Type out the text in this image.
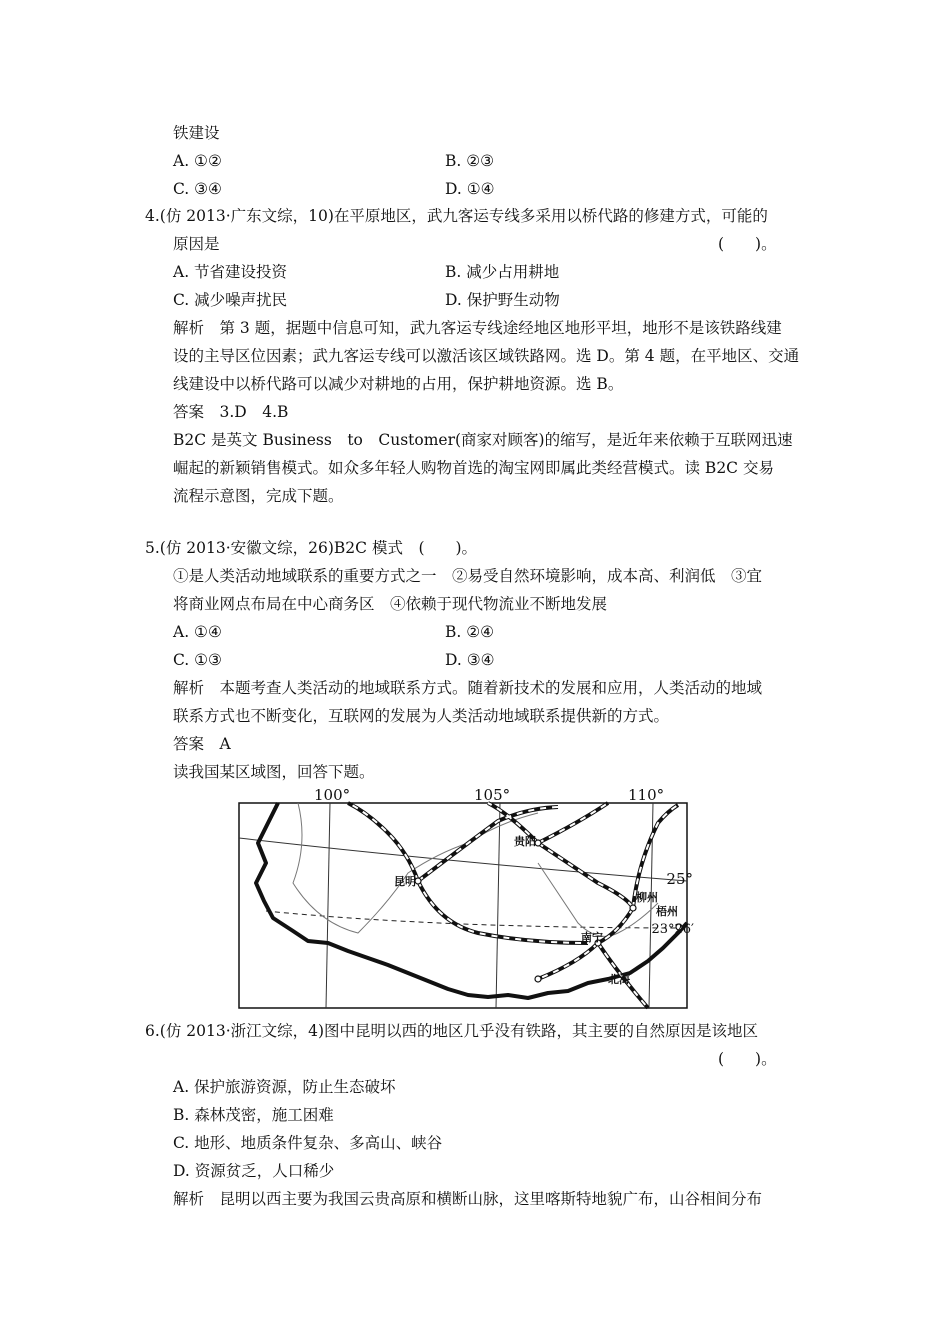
铁建设
A. ①②	B. ②③
C. ③④	D. ①④
4.(仿 2013·广东文综，10)在平原地区，武九客运专线多采用以桥代路的修建方式，可能的
原因是	(　　)。
A. 节省建设投资	B. 减少占用耕地
C. 减少噪声扰民	D. 保护野生动物
解析　第 3 题，据题中信息可知，武九客运专线途经地区地形平坦，地形不是该铁路线建
设的主导区位因素；武九客运专线可以激活该区域铁路网。选 D。第 4 题，在平地区、交通
线建设中以桥代路可以减少对耕地的占用，保护耕地资源。选 B。
答案　3.D　4.B
B2C 是英文 Business　to　Customer(商家对顾客)的缩写，是近年来依赖于互联网迅速
崛起的新颖销售模式。如众多年轻人购物首选的淘宝网即属此类经营模式。读 B2C 交易
流程示意图，完成下题。
5.(仿 2013·安徽文综，26)B2C 模式　(　　)。
①是人类活动地域联系的重要方式之一　②易受自然环境影响，成本高、利润低　③宜
将商业网点布局在中心商务区　④依赖于现代物流业不断地发展
A. ①④	B. ②④
C. ①③	D. ③④
解析　本题考查人类活动的地域联系方式。随着新技术的发展和应用，人类活动的地域
联系方式也不断变化，互联网的发展为人类活动地域联系提供新的方式。
答案　A
读我国某区域图，回答下题。
100°	105°	110°
25°
23°26′
贵阳
昆明
柳州
梧州
南宁
北海
6.(仿 2013·浙江文综，4)图中昆明以西的地区几乎没有铁路，其主要的自然原因是该地区
(　　)。
A. 保护旅游资源，防止生态破坏
B. 森林茂密，施工困难
C. 地形、地质条件复杂、多高山、峡谷
D. 资源贫乏，人口稀少
解析　昆明以西主要为我国云贵高原和横断山脉，这里喀斯特地貌广布，山谷相间分布
